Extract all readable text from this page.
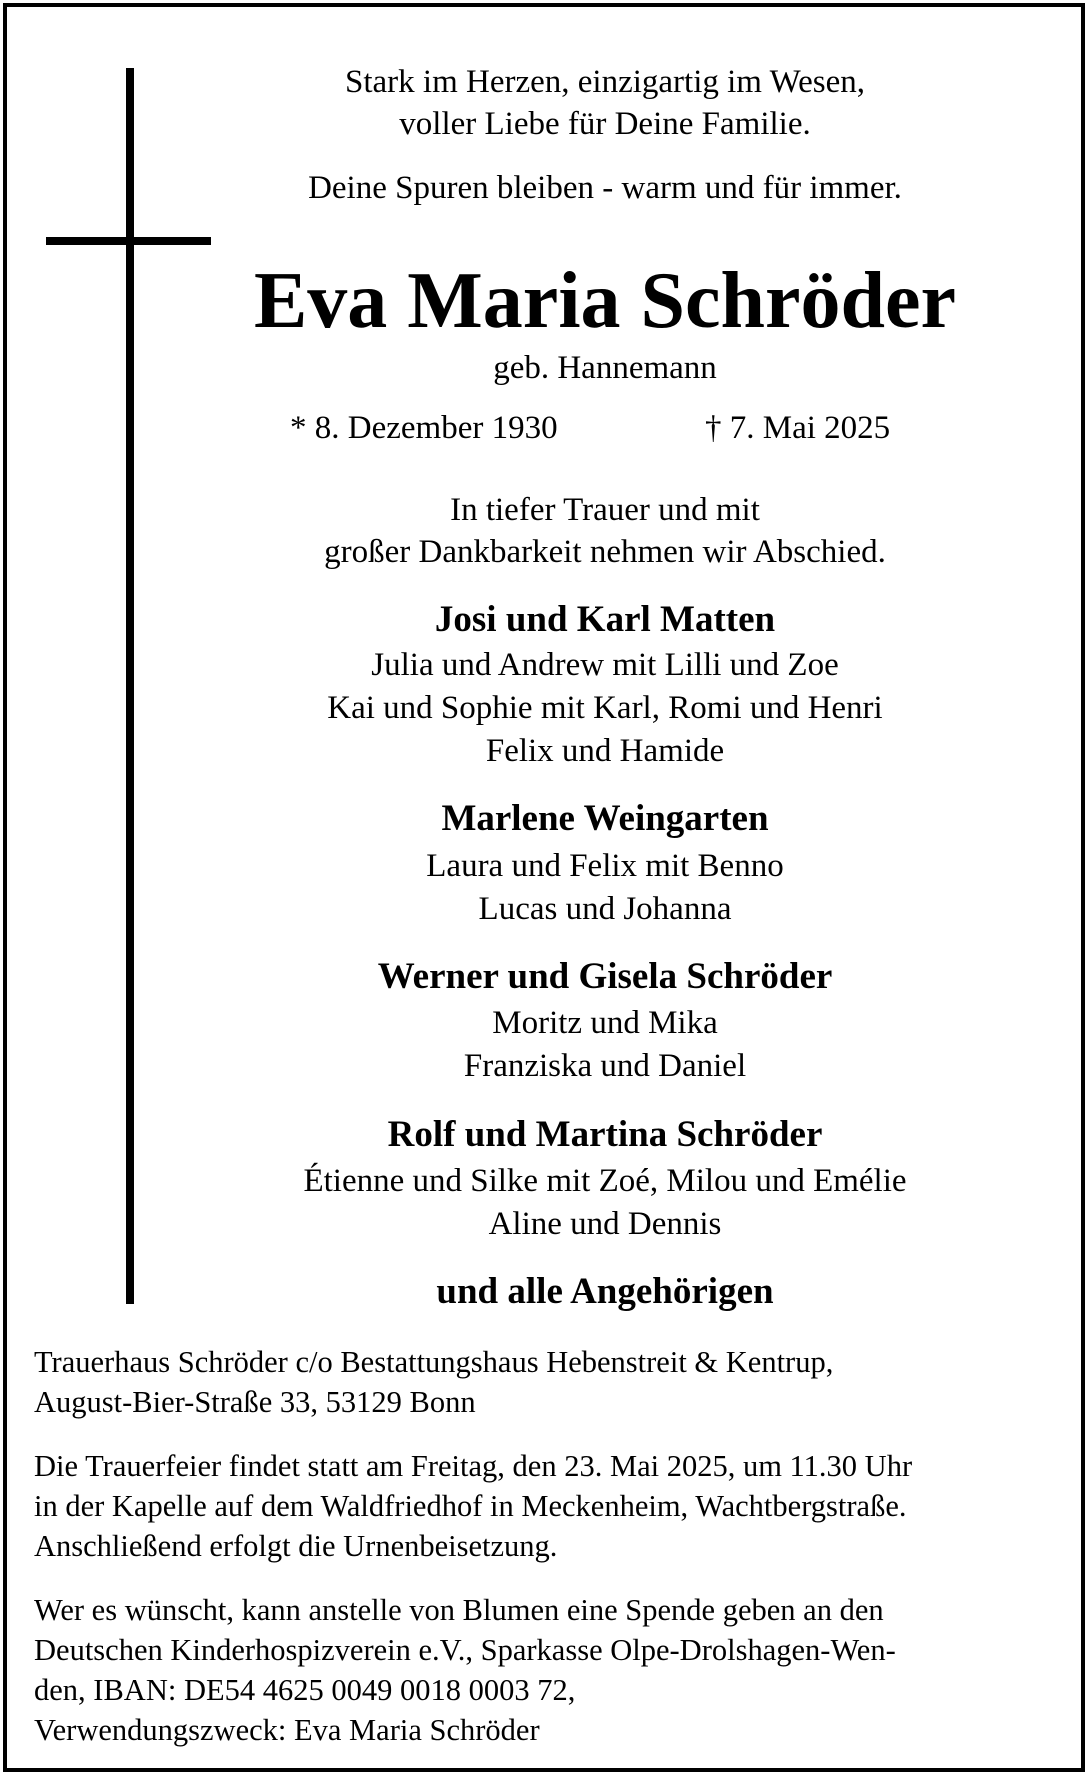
Stark im Herzen, einzigartig im Wesen,
voller Liebe für Deine Familie.
Deine Spuren bleiben - warm und für immer.
Eva Maria Schröder
geb. Hannemann
In tiefer Trauer und mit
großer Dankbarkeit nehmen wir Abschied.
Josi und Karl Matten
Julia und Andrew mit Lilli und Zoe
Kai und Sophie mit Karl, Romi und Henri
Felix und Hamide
Marlene Weingarten
Laura und Felix mit Benno
Lucas und Johanna
Werner und Gisela Schröder
Moritz und Mika
Franziska und Daniel
Rolf und Martina Schröder
Étienne und Silke mit Zoé, Milou und Emélie
Aline und Dennis
und alle Angehörigen
* 8. Dezember 1930	† 7. Mai 2025
Trauerhaus Schröder c/o Bestattungshaus Hebenstreit & Kentrup,
August-Bier-Straße 33, 53129 Bonn
Die Trauerfeier findet statt am Freitag, den 23. Mai 2025, um 11.30 Uhr
in der Kapelle auf dem Waldfriedhof in Meckenheim, Wachtbergstraße.
Anschließend erfolgt die Urnenbeisetzung.
Wer es wünscht, kann anstelle von Blumen eine Spende geben an den
Deutschen Kinderhospizverein e.V., Sparkasse Olpe-Drolshagen-Wen-
den, IBAN: DE54 4625 0049 0018 0003 72,
Verwendungszweck: Eva Maria Schröder
